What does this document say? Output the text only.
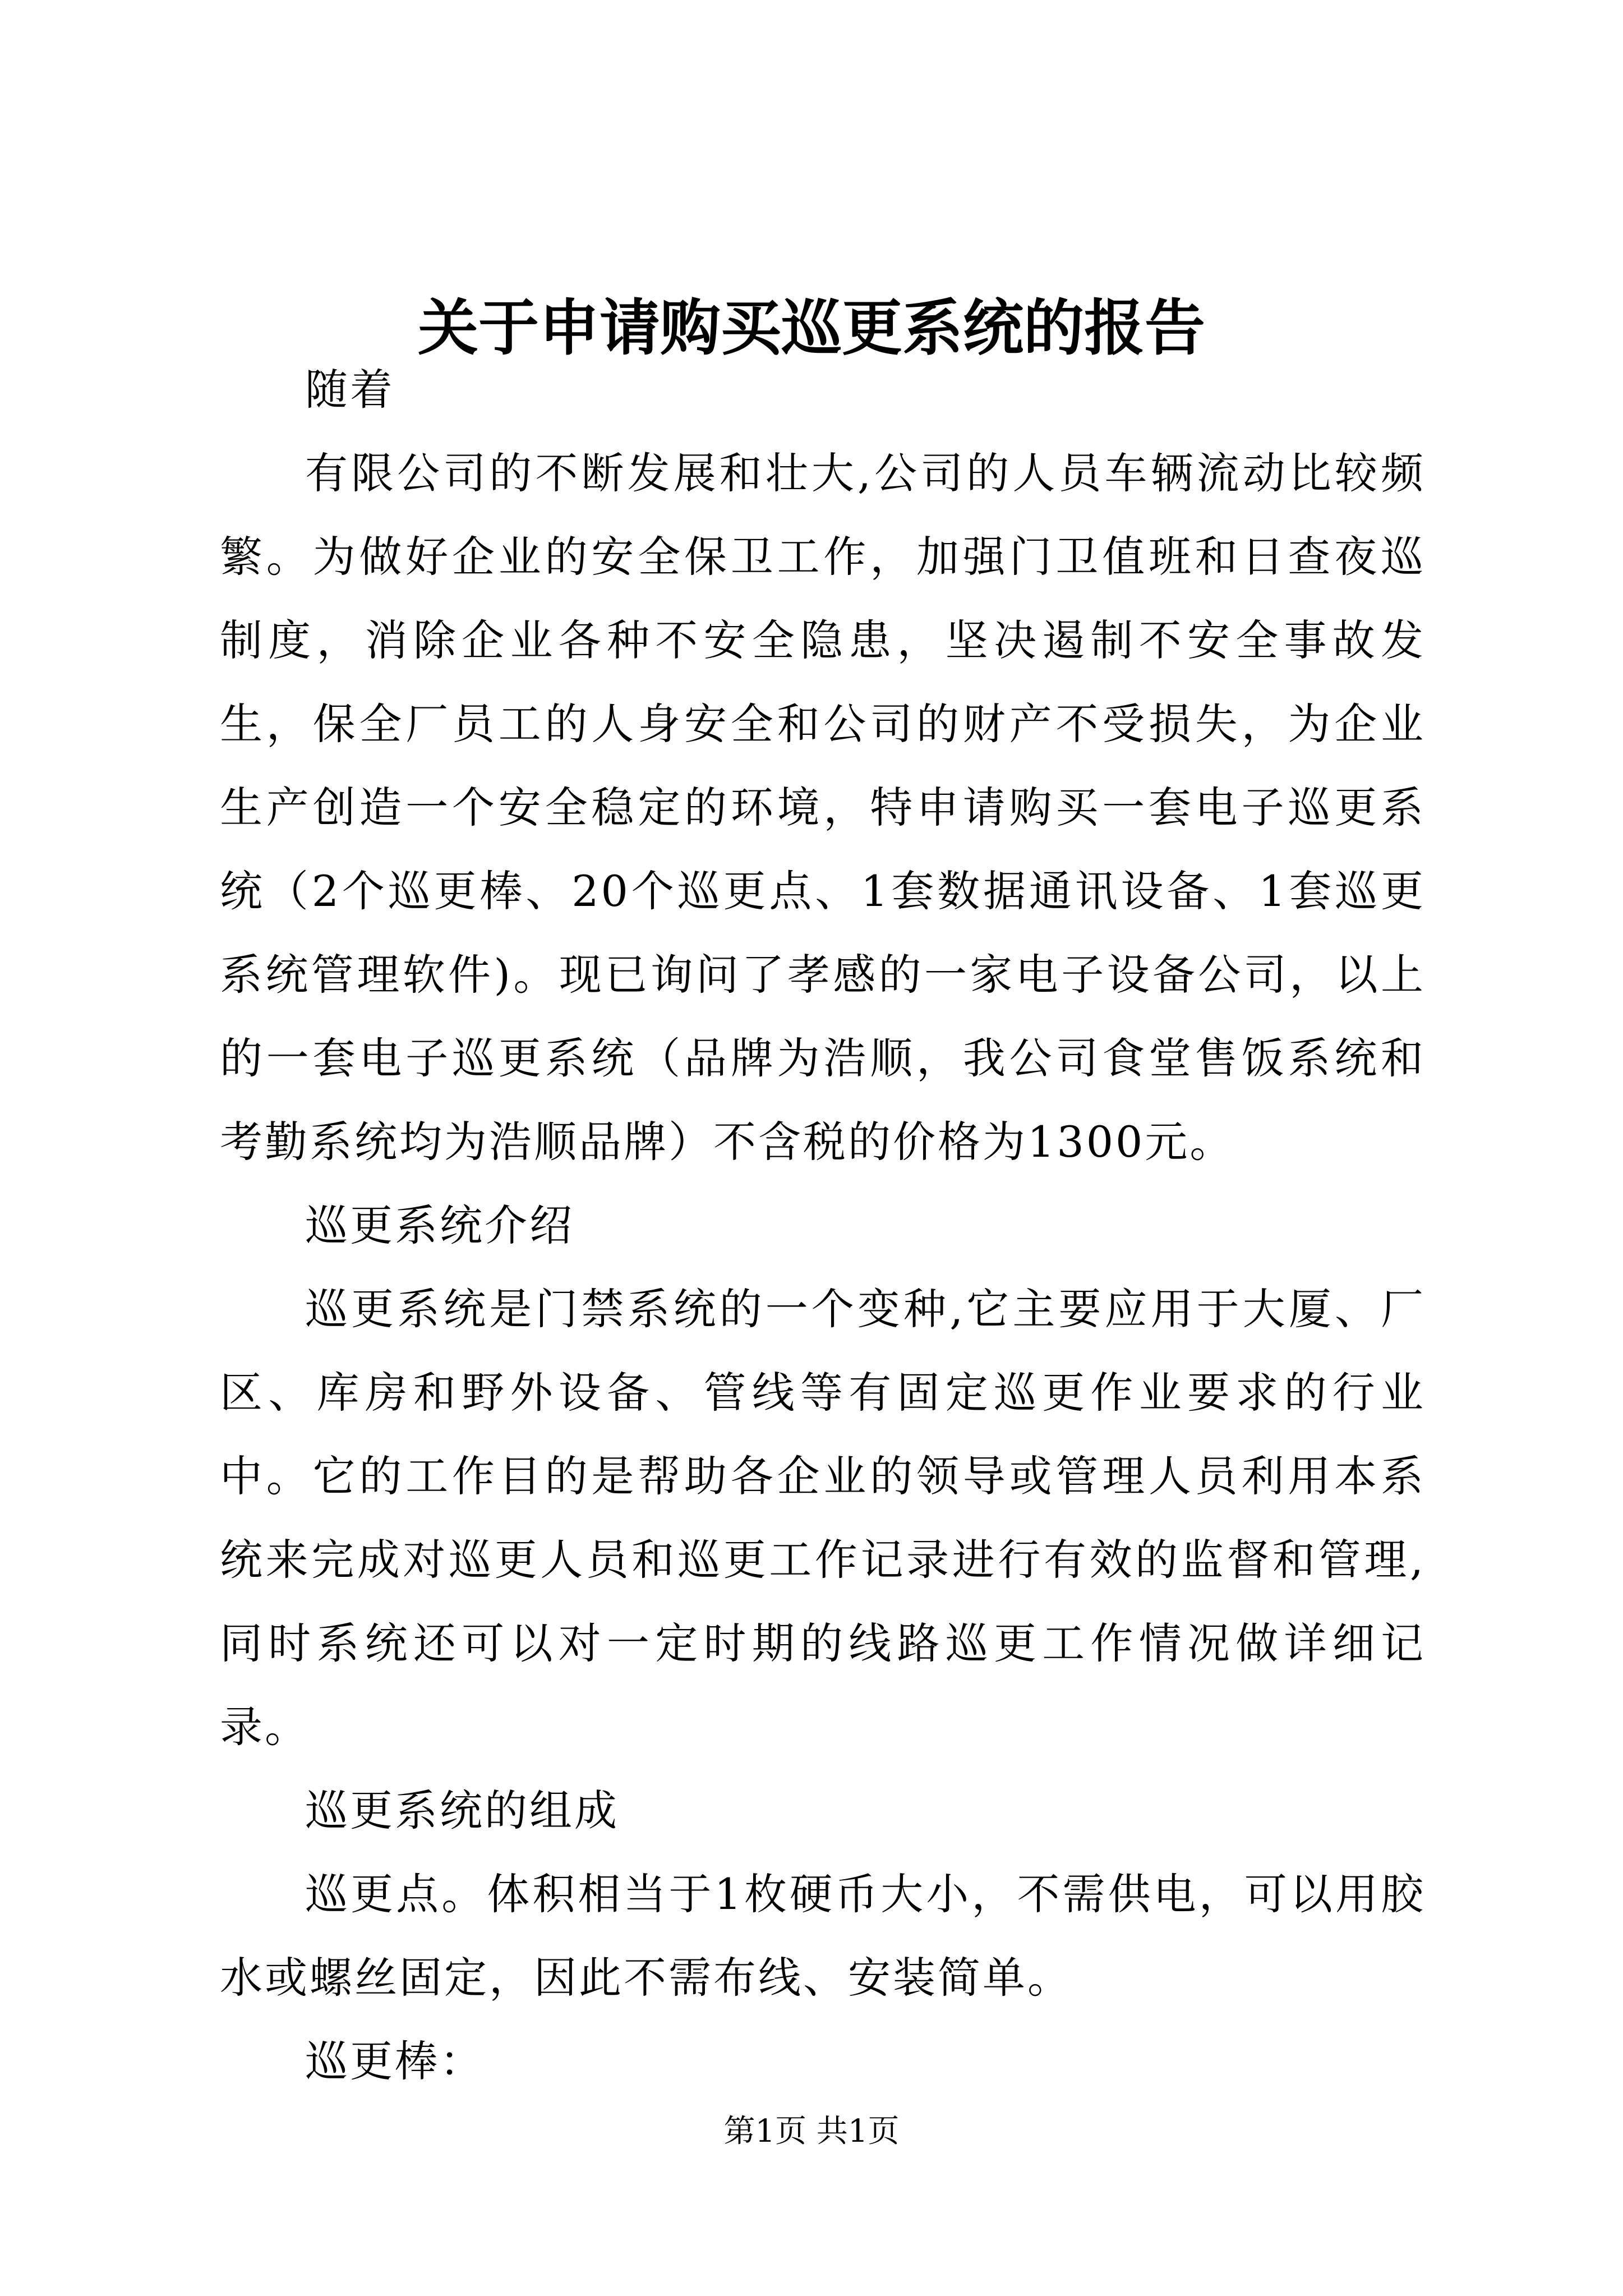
关于申请购买巡更系统的报告

随着

有限公司的不断发展和壮大,公司的人员车辆流动比较频繁。为做好企业的安全保卫工作，加强门卫值班和日查夜巡制度，消除企业各种不安全隐患，坚决遏制不安全事故发生，保全厂员工的人身安全和公司的财产不受损失，为企业生产创造一个安全稳定的环境，特申请购买一套电子巡更系统（2个巡更棒、20个巡更点、1套数据通讯设备、1套巡更系统管理软件)。现已询问了孝感的一家电子设备公司，以上的一套电子巡更系统（品牌为浩顺，我公司食堂售饭系统和考勤系统均为浩顺品牌）不含税的价格为1300元。

巡更系统介绍

巡更系统是门禁系统的一个变种,它主要应用于大厦、厂区、库房和野外设备、管线等有固定巡更作业要求的行业中。它的工作目的是帮助各企业的领导或管理人员利用本系统来完成对巡更人员和巡更工作记录进行有效的监督和管理,同时系统还可以对一定时期的线路巡更工作情况做详细记录。

巡更系统的组成

巡更点。体积相当于1枚硬币大小，不需供电，可以用胶水或螺丝固定，因此不需布线、安装简单。

巡更棒：

第1页 共1页
